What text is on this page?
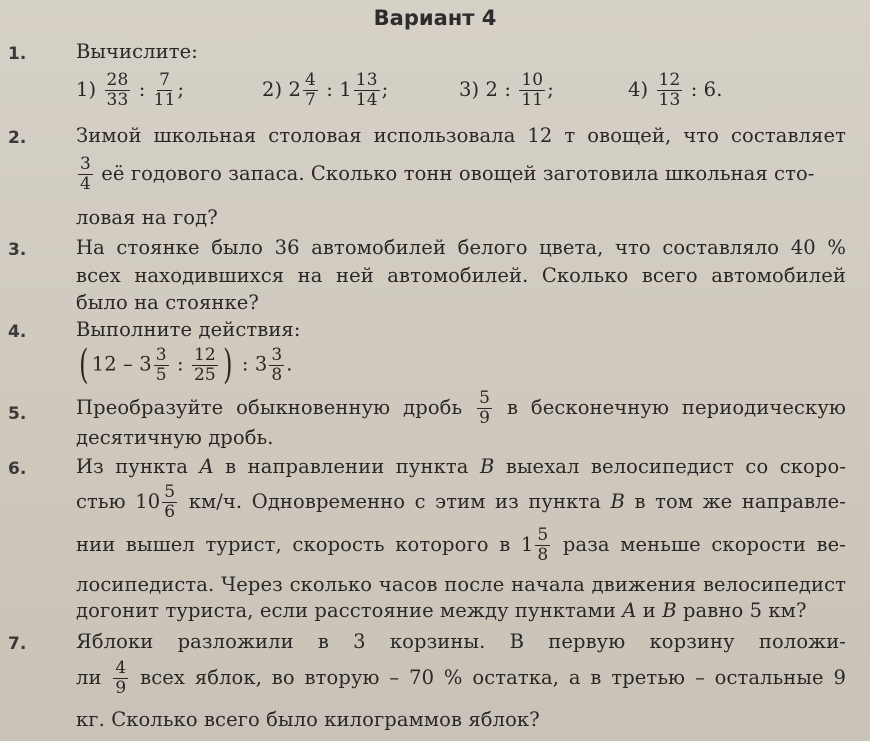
Вариант 4
1.	Вычислите:
$1) \frac{28}{33}$ : $\frac{7}{11}$ ;	2) $2 \frac{4}{7}$ : $1 \frac{13}{14}$ ;	3) 2 : $\frac{10}{11}$ ;	$4) \frac{12}{13}$ : 6.
2.	Зимой школьная столовая использовала 12 т овощей, что составляет
$\frac{3}{4}$ её годового запаса. Сколько тонн овощей заготовила школьная сто-
ловая на год?
3.	На стоянке было 36 автомобилей белого цвета, что составляло 40 %
всех находившихся на ней автомобилей. Сколько всего автомобилей
было на стоянке?
4.	Выполните действия:
( $12 - 3 \frac{3}{5}$ : $\frac{12}{25}$ ) : $3 \frac{3}{8}$ .
5.	Преобразуйте обыкновенную дробь $\frac{5}{9}$ в бесконечную периодическую
десятичную дробь.
6.	Из пункта A в направлении пункта B выехал велосипедист со скоро-
стью $10 \frac{5}{6} км/ч$. Одновременно с этим из пункта B в том же направле-
нии вышел турист, скорость которого в $1 \frac{5}{8}$ раза меньше скорости ве-
лосипедиста. Через сколько часов после начала движения велосипедист
догонит туриста, если расстояние между пунктами A и B равно 5 км?
7.	Яблоки разложили в 3 корзины. В первую корзину положи-
ли $\frac{4}{9}$ всех яблок, во вторую – 70 % остатка, а в третью – остальные 9
кг. Сколько всего было килограммов яблок?
